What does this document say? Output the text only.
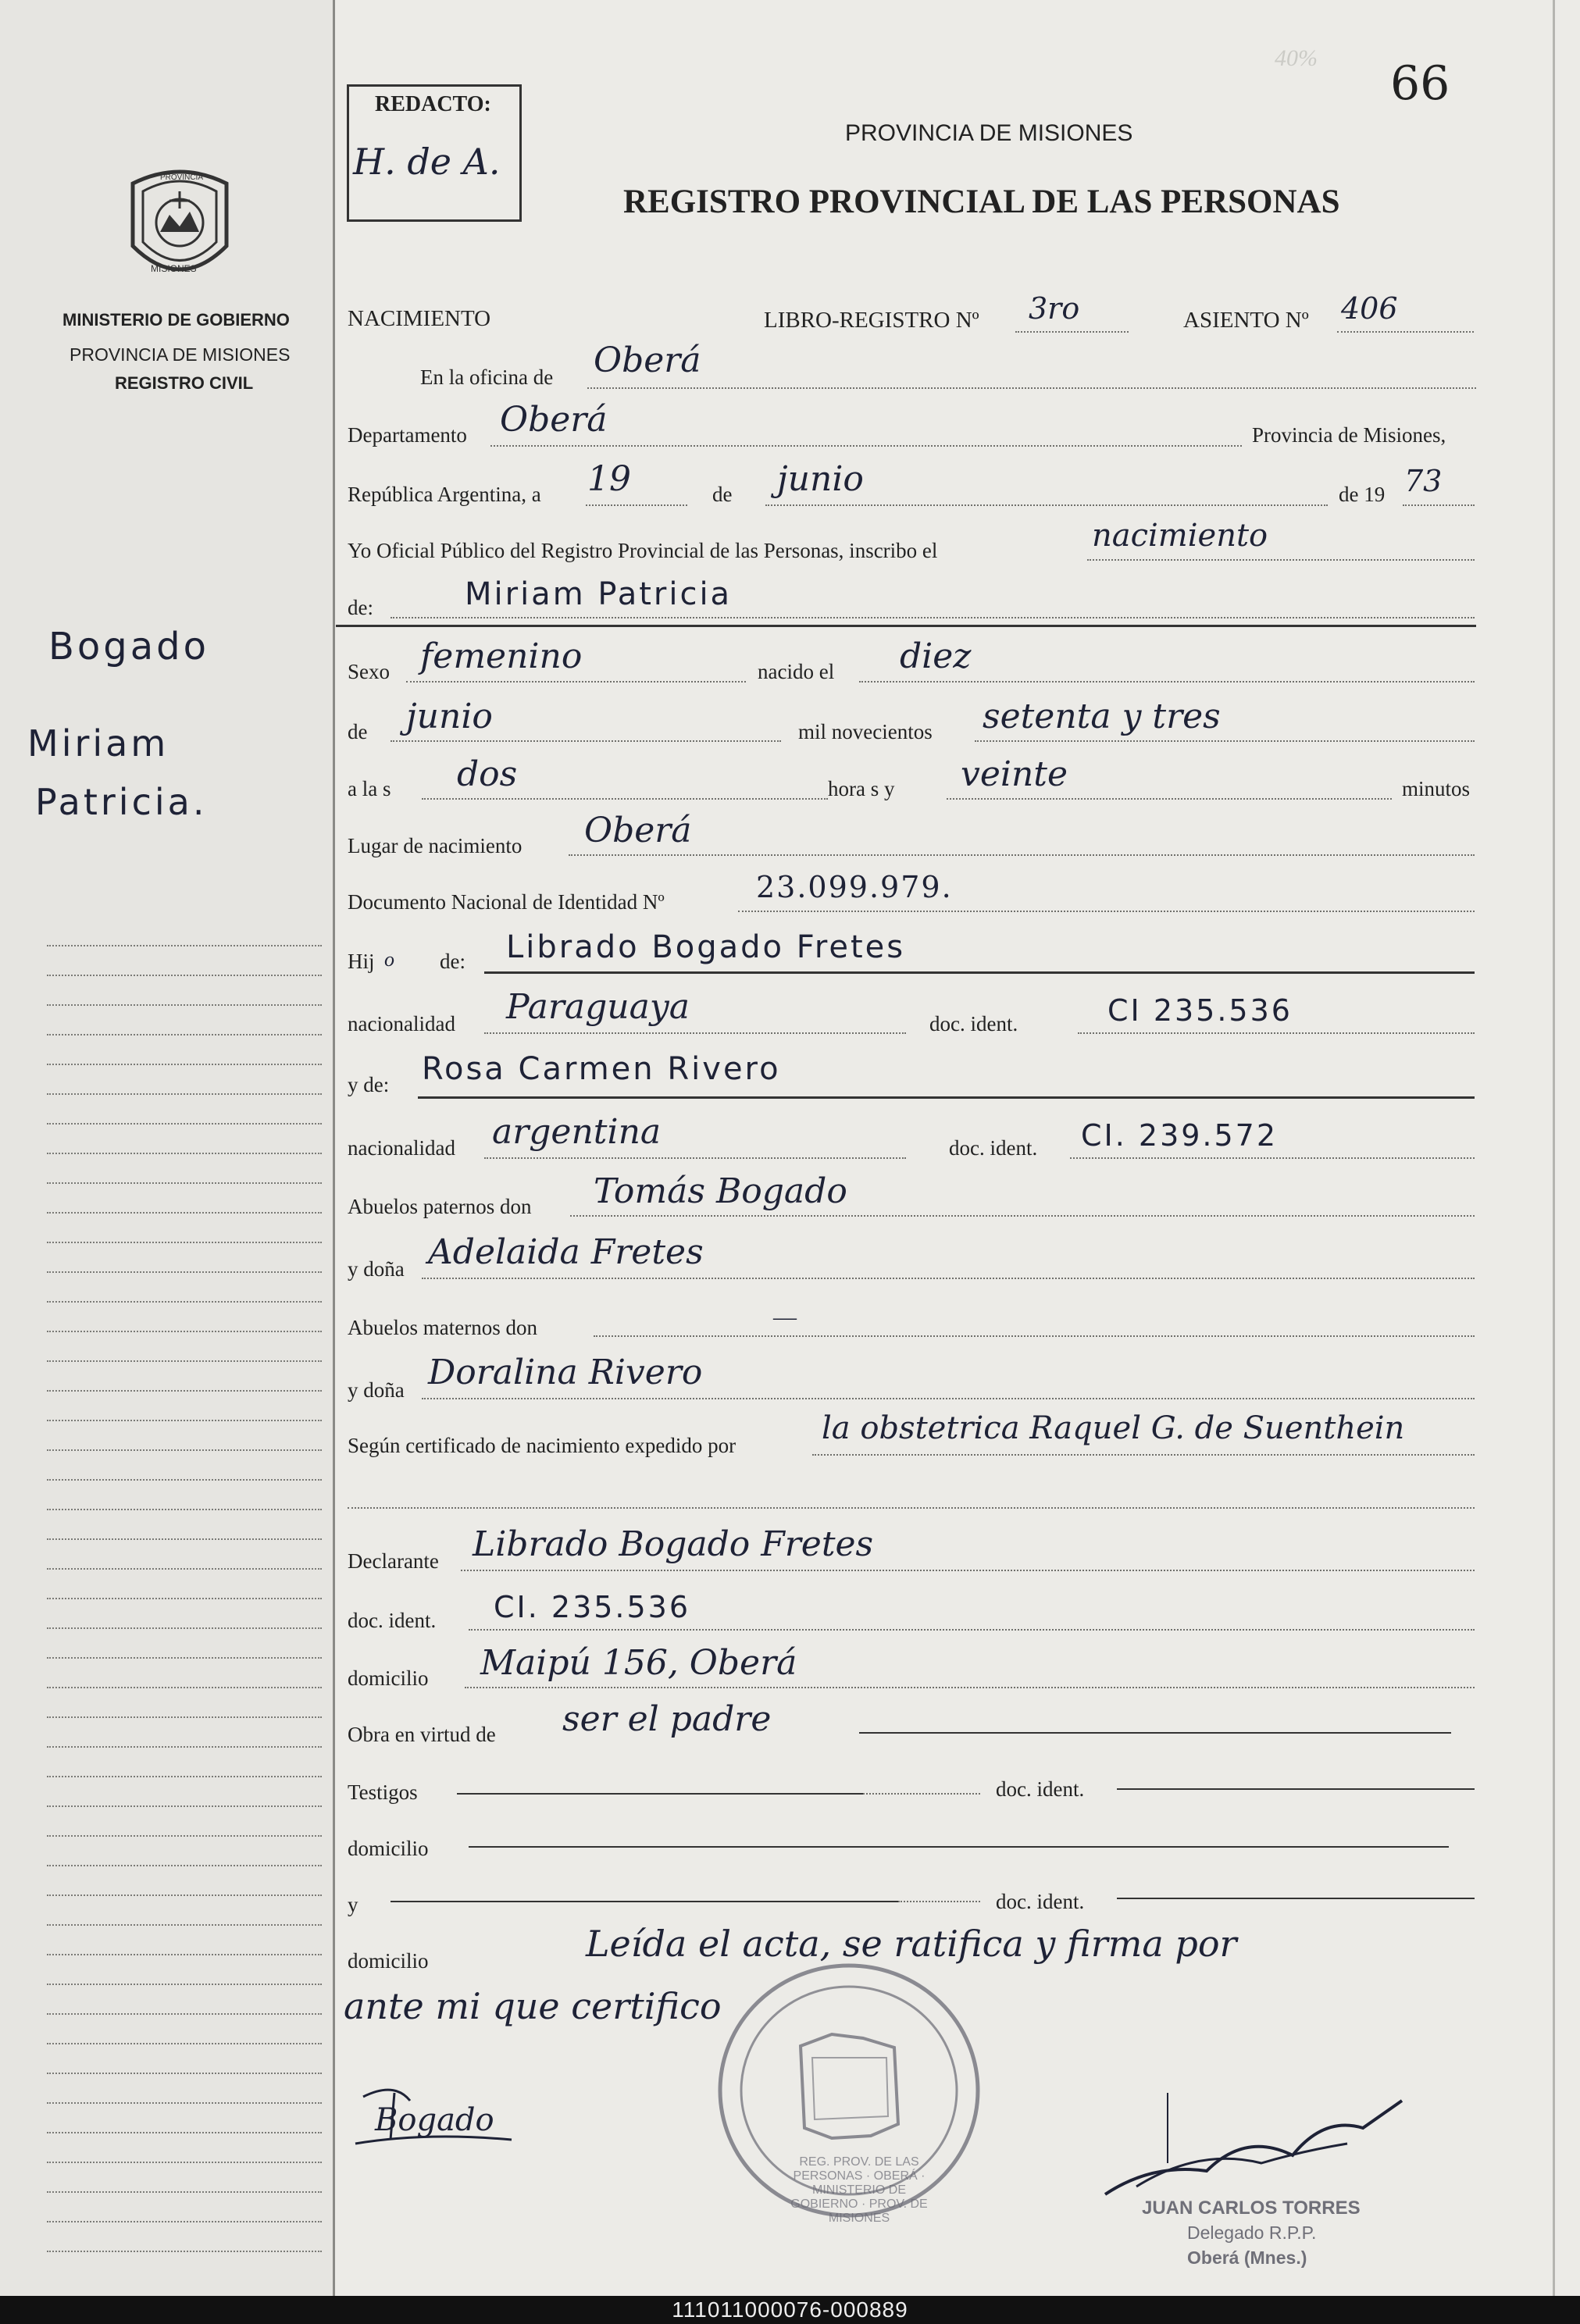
PROVINCIA
MISIONES
MINISTERIO DE GOBIERNO
PROVINCIA DE MISIONES
REGISTRO CIVIL
Bogado
Miriam
Patricia.
REDACTO:
H. de A.
66
40%
PROVINCIA DE MISIONES
REGISTRO PROVINCIAL DE LAS PERSONAS
NACIMIENTO	LIBRO-REGISTRO Nº 3ro	ASIENTO Nº 406
En la oficina de Oberá
Departamento Oberá	Provincia de Misiones,
República Argentina, a 19	de junio	de 19 73
Yo Oficial Público del Registro Provincial de las Personas, inscribo el	nacimiento
de:	Miriam Patricia
Sexo femenino	nacido el diez
de junio	mil novecientos setenta y tres
a la s dos	hora s y veinte	minutos
Lugar de nacimiento Oberá
Documento Nacional de Identidad Nº	23.099.979.
Hij o de: Librado Bogado Fretes
nacionalidad Paraguaya	doc. ident.	CI 235.536
y de: Rosa Carmen Rivero
nacionalidad argentina	doc. ident. CI. 239.572
Abuelos paternos don Tomás Bogado
y doña Adelaida Fretes
Abuelos maternos don	—
y doña Doralina Rivero
Según certificado de nacimiento expedido por	la obstetrica Raquel G. de Suenthein
Declarante Librado Bogado Fretes
doc. ident. CI. 235.536
domicilio Maipú 156, Oberá
Obra en virtud de ser el padre
Testigos	doc. ident.
domicilio
y	doc. ident.
domicilio	Leída el acta, se ratifica y firma por
ante mi que certifico
REG. PROV. DE LAS PERSONAS · OBERÁ · MINISTERIO DE GOBIERNO · PROV. DE MISIONES
Bogado
JUAN CARLOS TORRES
Delegado R.P.P.
Oberá (Mnes.)
111011000076-000889
